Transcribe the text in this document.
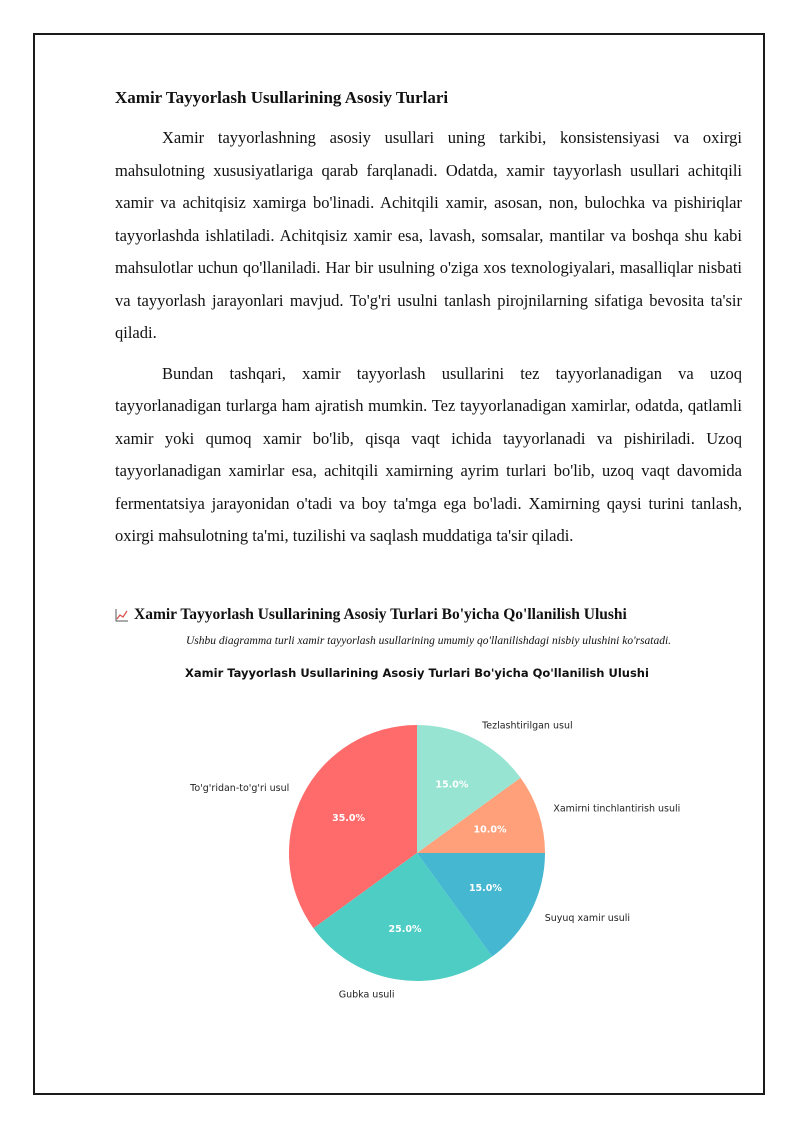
Xamir Tayyorlash Usullarining Asosiy Turlari

Xamir tayyorlashning asosiy usullari uning tarkibi, konsistensiyasi va oxirgi mahsulotning xususiyatlariga qarab farqlanadi. Odatda, xamir tayyorlash usullari achitqili xamir va achitqisiz xamirga bo'linadi. Achitqili xamir, asosan, non, bulochka va pishiriqlar tayyorlashda ishlatiladi. Achitqisiz xamir esa, lavash, somsalar, mantilar va boshqa shu kabi mahsulotlar uchun qo'llaniladi. Har bir usulning o'ziga xos texnologiyalari, masalliqlar nisbati va tayyorlash jarayonlari mavjud. To'g'ri usulni tanlash pirojnilarning sifatiga bevosita ta'sir qiladi.

Bundan tashqari, xamir tayyorlash usullarini tez tayyorlanadigan va uzoq tayyorlanadigan turlarga ham ajratish mumkin. Tez tayyorlanadigan xamirlar, odatda, qatlamli xamir yoki qumoq xamir bo'lib, qisqa vaqt ichida tayyorlanadi va pishiriladi. Uzoq tayyorlanadigan xamirlar esa, achitqili xamirning ayrim turlari bo'lib, uzoq vaqt davomida fermentatsiya jarayonidan o'tadi va boy ta'mga ega bo'ladi. Xamirning qaysi turini tanlash, oxirgi mahsulotning ta'mi, tuzilishi va saqlash muddatiga ta'sir qiladi.

Xamir Tayyorlash Usullarining Asosiy Turlari Bo'yicha Qo'llanilish Ulushi

Ushbu diagramma turli xamir tayyorlash usullarining umumiy qo'llanilishdagi nisbiy ulushini ko'rsatadi.

Xamir Tayyorlash Usullarining Asosiy Turlari Bo'yicha Qo'llanilish Ulushi
35.0%
To'g'ridan-to'g'ri usul
25.0%
Gubka usuli
15.0%
Suyuq xamir usuli
10.0%
Xamirni tinchlantirish usuli
15.0%
Tezlashtirilgan usul
